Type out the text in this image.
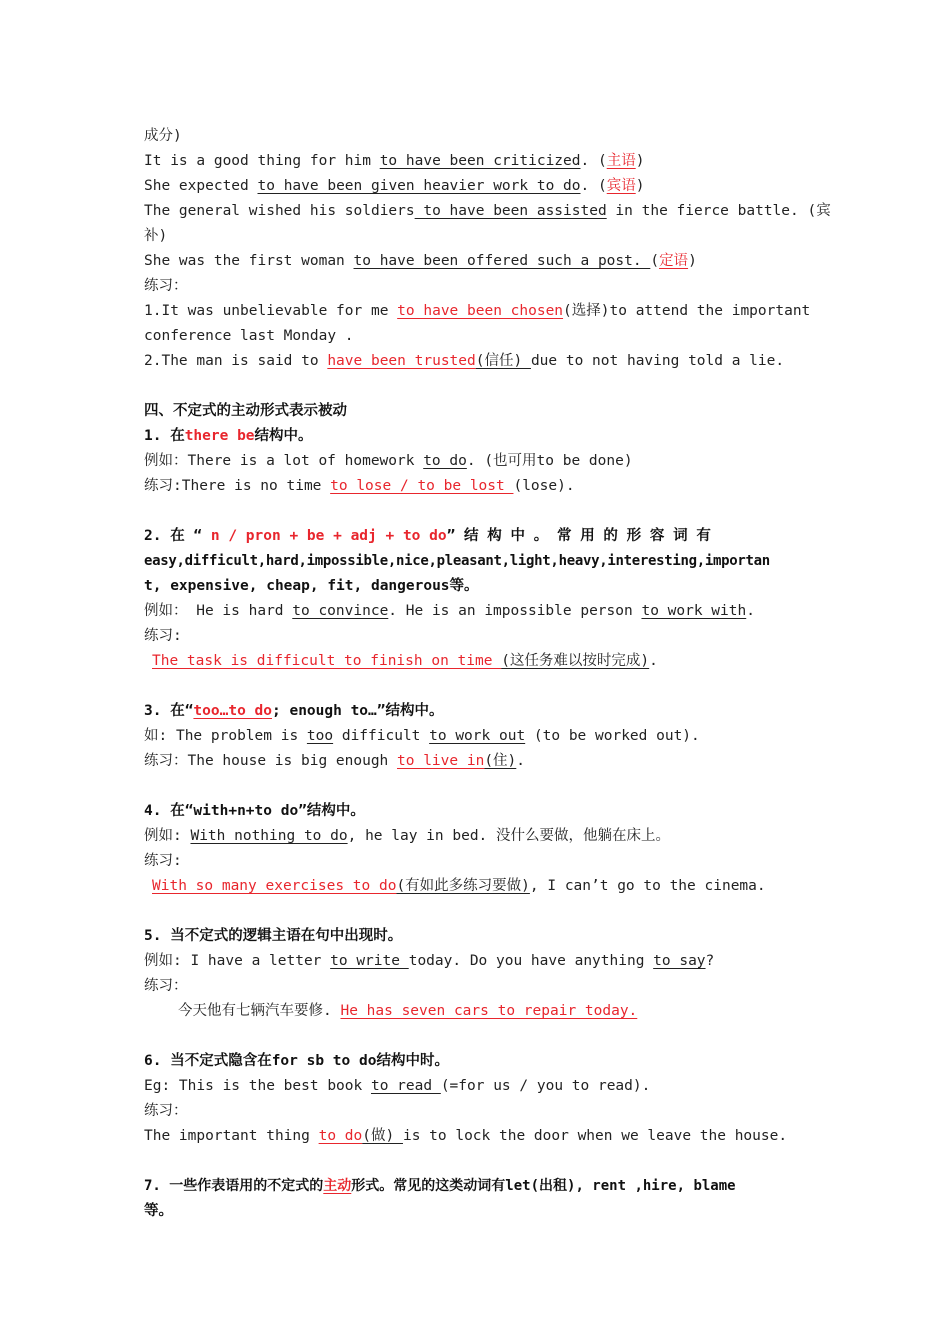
成分)
It is a good thing for him to have been criticized. (主语)
She expected to have been given heavier work to do. (宾语)
The general wished his soldiers to have been assisted in the fierce battle. (宾
补)
She was the first woman to have been offered such a post. (定语)
练习：
1.It was unbelievable for me to have been chosen(选择)to attend the important
conference last Monday .
2.The man is said to have been trusted(信任) due to not having told a lie.
四、不定式的主动形式表示被动
1. 在there be结构中。
例如：There is a lot of homework to do. (也可用to be done)
练习:There is no time to lose / to be lost (lose).
2. 在 “ n / pron + be + adj + to do” 结 构 中 。 常 用 的 形 容 词 有
easy,difficult,hard,impossible,nice,pleasant,light,heavy,interesting,importan
t, expensive, cheap, fit, dangerous等。
例如： He is hard to convince. He is an impossible person to work with.
练习:
The task is difficult to finish on time (这任务难以按时完成).
3. 在“too…to do; enough to…”结构中。
如: The problem is too difficult to work out (to be worked out).
练习：The house is big enough to live in(住).
4. 在“with+n+to do”结构中。
例如: With nothing to do, he lay in bed. 没什么要做，他躺在床上。
练习:
With so many exercises to do(有如此多练习要做), I can’t go to the cinema.
5. 当不定式的逻辑主语在句中出现时。
例如: I have a letter to write today. Do you have anything to say?
练习：
今天他有七辆汽车要修. He has seven cars to repair today.
6. 当不定式隐含在for sb to do结构中时。
Eg: This is the best book to read (=for us / you to read).
练习：
The important thing to do(做) is to lock the door when we leave the house.
7. 一些作表语用的不定式的主动形式。常见的这类动词有let(出租), rent ,hire, blame
等。
